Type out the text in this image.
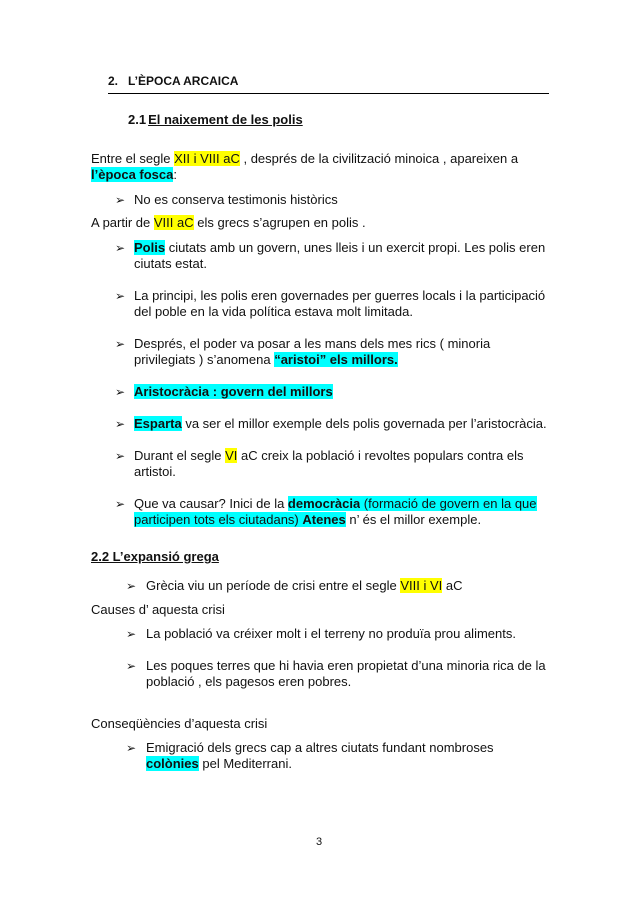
2. L’ÈPOCA ARCAICA
2.1 El naixement de les polis
Entre el segle XII i VIII aC , després de la civilització minoica , apareixen a
l’època fosca:
➢ No es conserva testimonis històrics
A partir de VIII aC els grecs s’agrupen en polis .
➢ Polis ciutats amb un govern, unes lleis i un exercit propi. Les polis eren
ciutats estat.
➢ La principi, les polis eren governades per guerres locals i la participació
del poble en la vida política estava molt limitada.
➢ Després, el poder va posar a les mans dels mes rics ( minoria
privilegiats ) s’anomena “aristoi” els millors.
➢ Aristocràcia : govern del millors
➢ Esparta va ser el millor exemple dels polis governada per l’aristocràcia.
➢ Durant el segle VI aC creix la població i revoltes populars contra els
artistoi.
➢ Que va causar? Inici de la democràcia (formació de govern en la que
participen tots els ciutadans) Atenes n’ és el millor exemple.
2.2 L’expansió grega
➢ Grècia viu un període de crisi entre el segle VIII i VI aC
Causes d’ aquesta crisi
➢ La població va créixer molt i el terreny no produïa prou aliments.
➢ Les poques terres que hi havia eren propietat d’una minoria rica de la
població , els pagesos eren pobres.
Conseqüències d’aquesta crisi
➢ Emigració dels grecs cap a altres ciutats fundant nombroses
colònies pel Mediterrani.
3
